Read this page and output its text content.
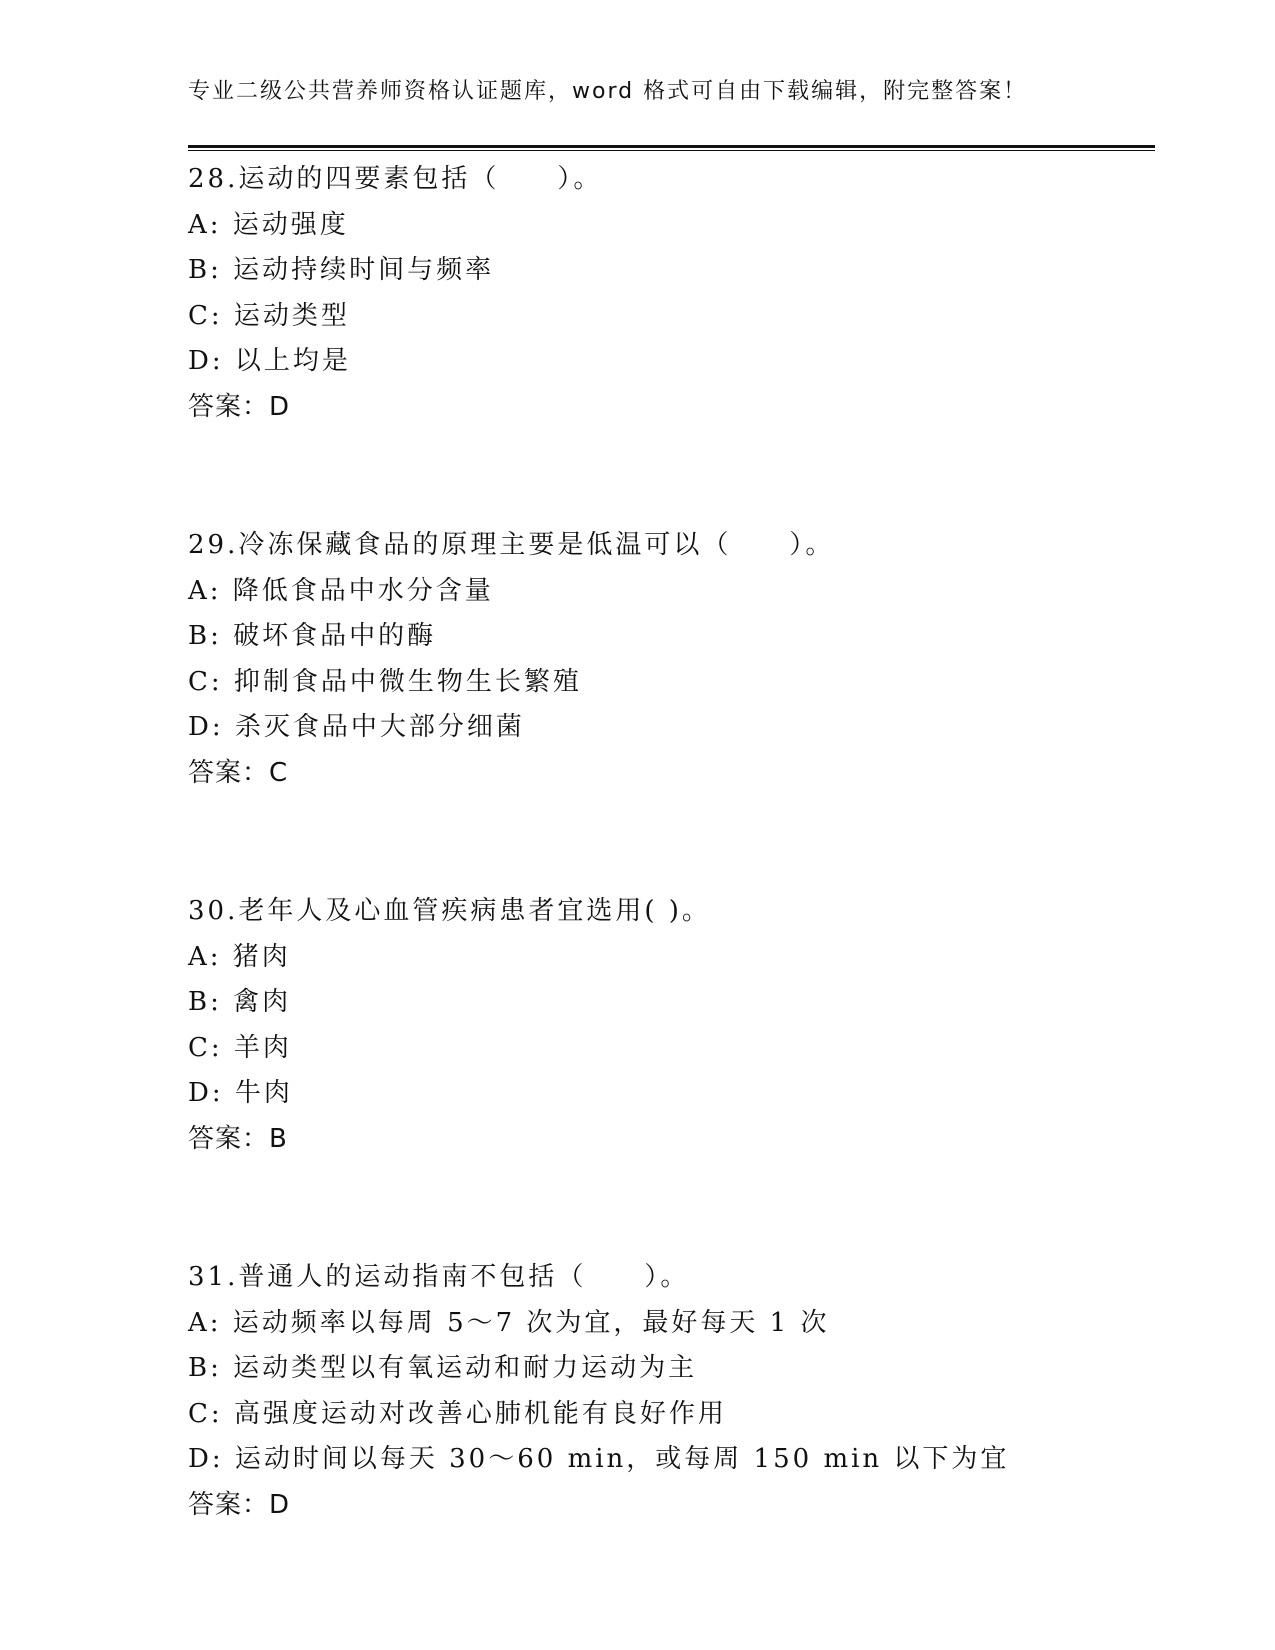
专业二级公共营养师资格认证题库，word 格式可自由下载编辑，附完整答案！
28.运动的四要素包括（　　）。
A: 运动强度
B: 运动持续时间与频率
C: 运动类型
D: 以上均是
答案：D
29.冷冻保藏食品的原理主要是低温可以（　　）。
A: 降低食品中水分含量
B: 破坏食品中的酶
C: 抑制食品中微生物生长繁殖
D: 杀灭食品中大部分细菌
答案：C
30.老年人及心血管疾病患者宜选用( )。
A: 猪肉
B: 禽肉
C: 羊肉
D: 牛肉
答案：B
31.普通人的运动指南不包括（　　）。
A: 运动频率以每周 5～7 次为宜，最好每天 1 次
B: 运动类型以有氧运动和耐力运动为主
C: 高强度运动对改善心肺机能有良好作用
D: 运动时间以每天 30～60 min，或每周 150 min 以下为宜
答案：D
